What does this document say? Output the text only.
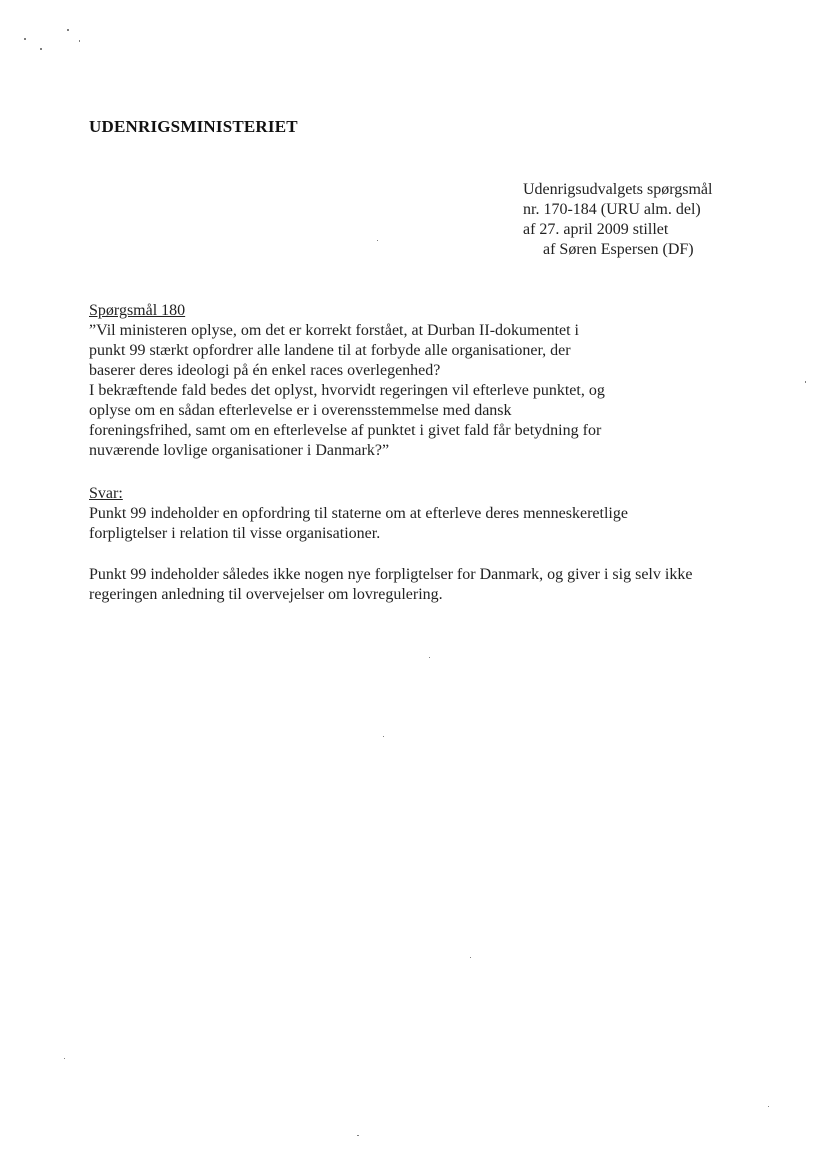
UDENRIGSMINISTERIET
Udenrigsudvalgets spørgsmål
nr. 170-184 (URU alm. del)
af 27. april 2009 stillet
af Søren Espersen (DF)
Spørgsmål 180
”Vil ministeren oplyse, om det er korrekt forstået, at Durban II-dokumentet i
punkt 99 stærkt opfordrer alle landene til at forbyde alle organisationer, der
baserer deres ideologi på én enkel races overlegenhed?
I bekræftende fald bedes det oplyst, hvorvidt regeringen vil efterleve punktet, og
oplyse om en sådan efterlevelse er i overensstemmelse med dansk
foreningsfrihed, samt om en efterlevelse af punktet i givet fald får betydning for
nuværende lovlige organisationer i Danmark?”
Svar:
Punkt 99 indeholder en opfordring til staterne om at efterleve deres menneskeretlige
forpligtelser i relation til visse organisationer.
Punkt 99 indeholder således ikke nogen nye forpligtelser for Danmark, og giver i sig selv ikke
regeringen anledning til overvejelser om lovregulering.
